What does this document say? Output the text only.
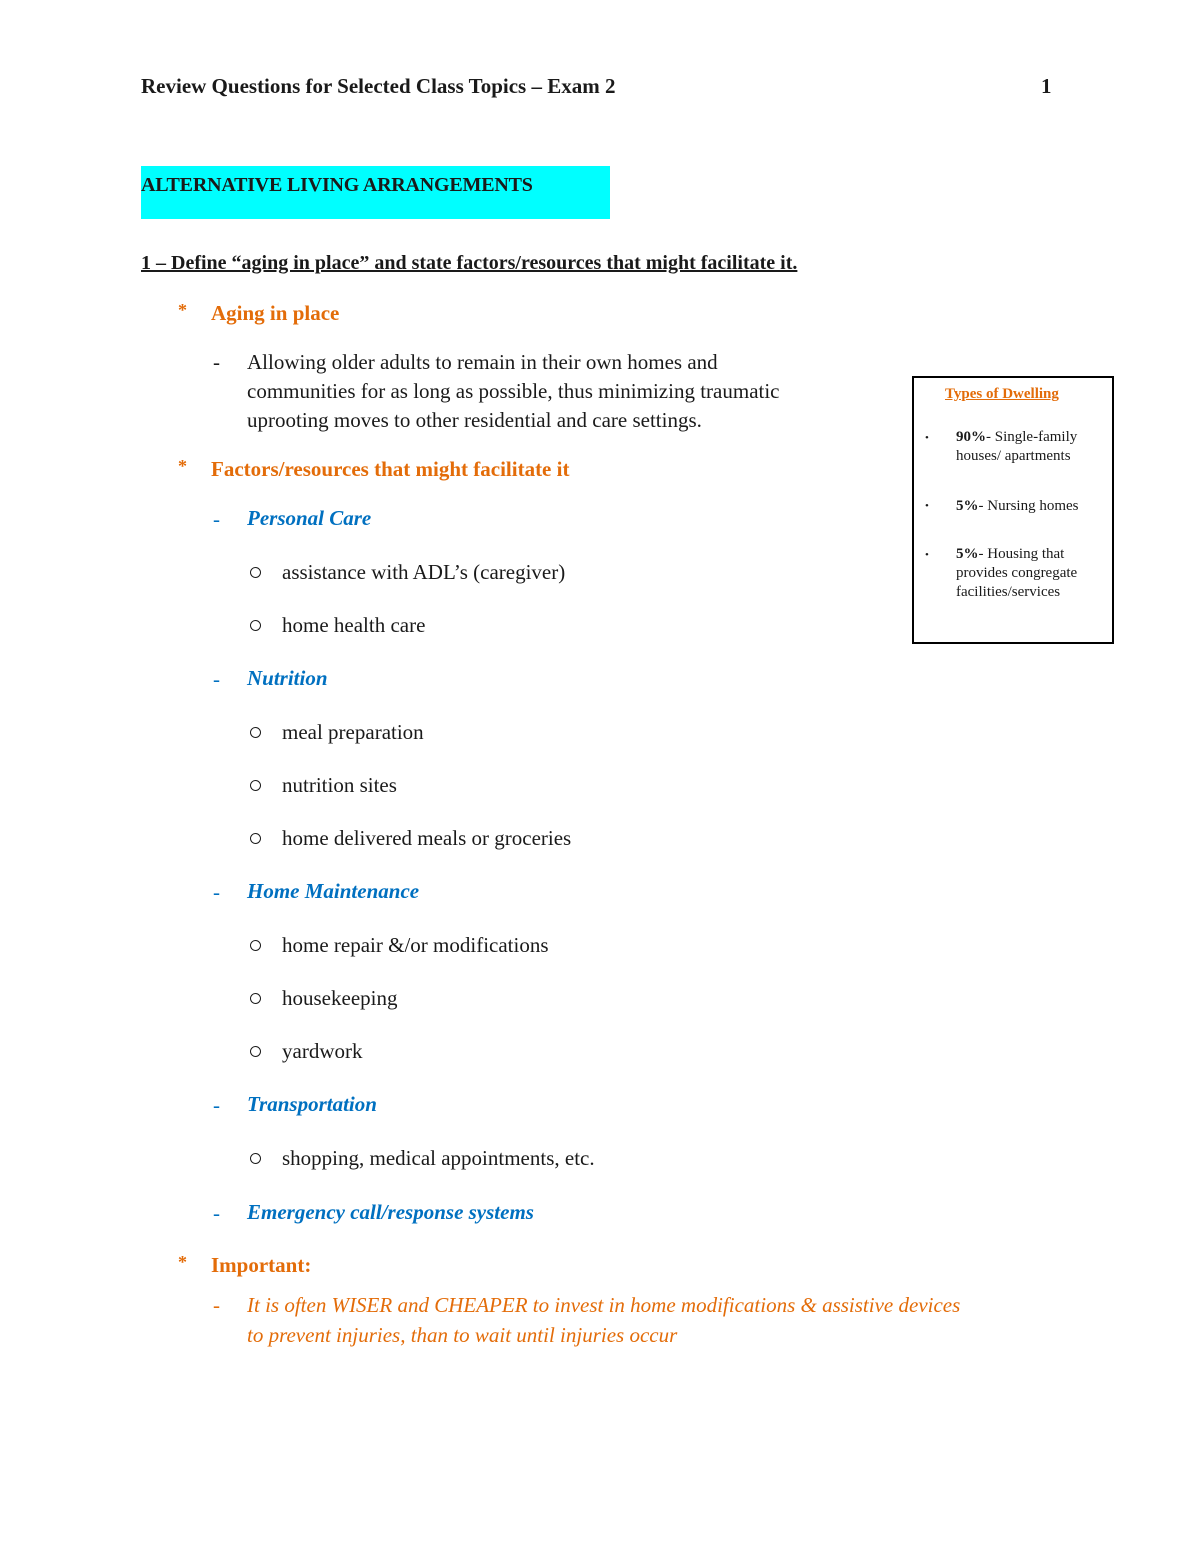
Review Questions for Selected Class Topics – Exam 2	1
ALTERNATIVE LIVING ARRANGEMENTS
1 – Define “aging in place” and state factors/resources that might facilitate it.
* Aging in place
- Allowing older adults to remain in their own homes and
communities for as long as possible, thus minimizing traumatic
uprooting moves to other residential and care settings.
* Factors/resources that might facilitate it
- Personal Care
assistance with ADL’s (caregiver)
home health care
- Nutrition
meal preparation
nutrition sites
home delivered meals or groceries
- Home Maintenance
home repair &/or modifications
housekeeping
yardwork
- Transportation
shopping, medical appointments, etc.
- Emergency call/response systems
* Important:
- It is often WISER and CHEAPER to invest in home modifications & assistive devices
to prevent injuries, than to wait until injuries occur
Types of Dwelling
• 90%- Single-family houses/ apartments
• 5%- Nursing homes
• 5%- Housing that provides congregate facilities/services
